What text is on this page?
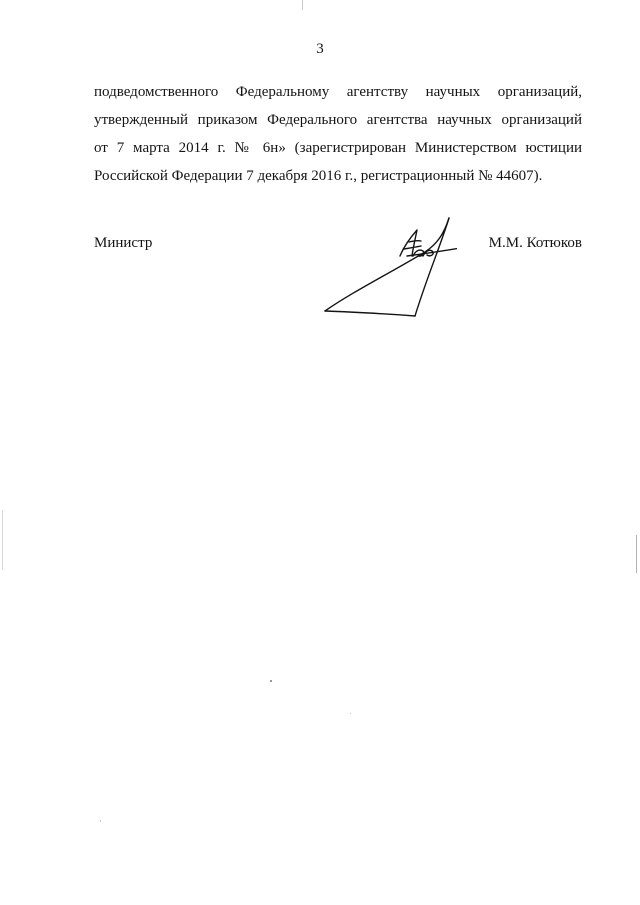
3
подведомственного Федеральному агентству научных организаций,
утвержденный приказом Федерального агентства научных организаций
от 7 марта 2014 г. № 6н» (зарегистрирован Министерством юстиции
Российской Федерации 7 декабря 2016 г., регистрационный № 44607).
Министр	М.М. Котюков
